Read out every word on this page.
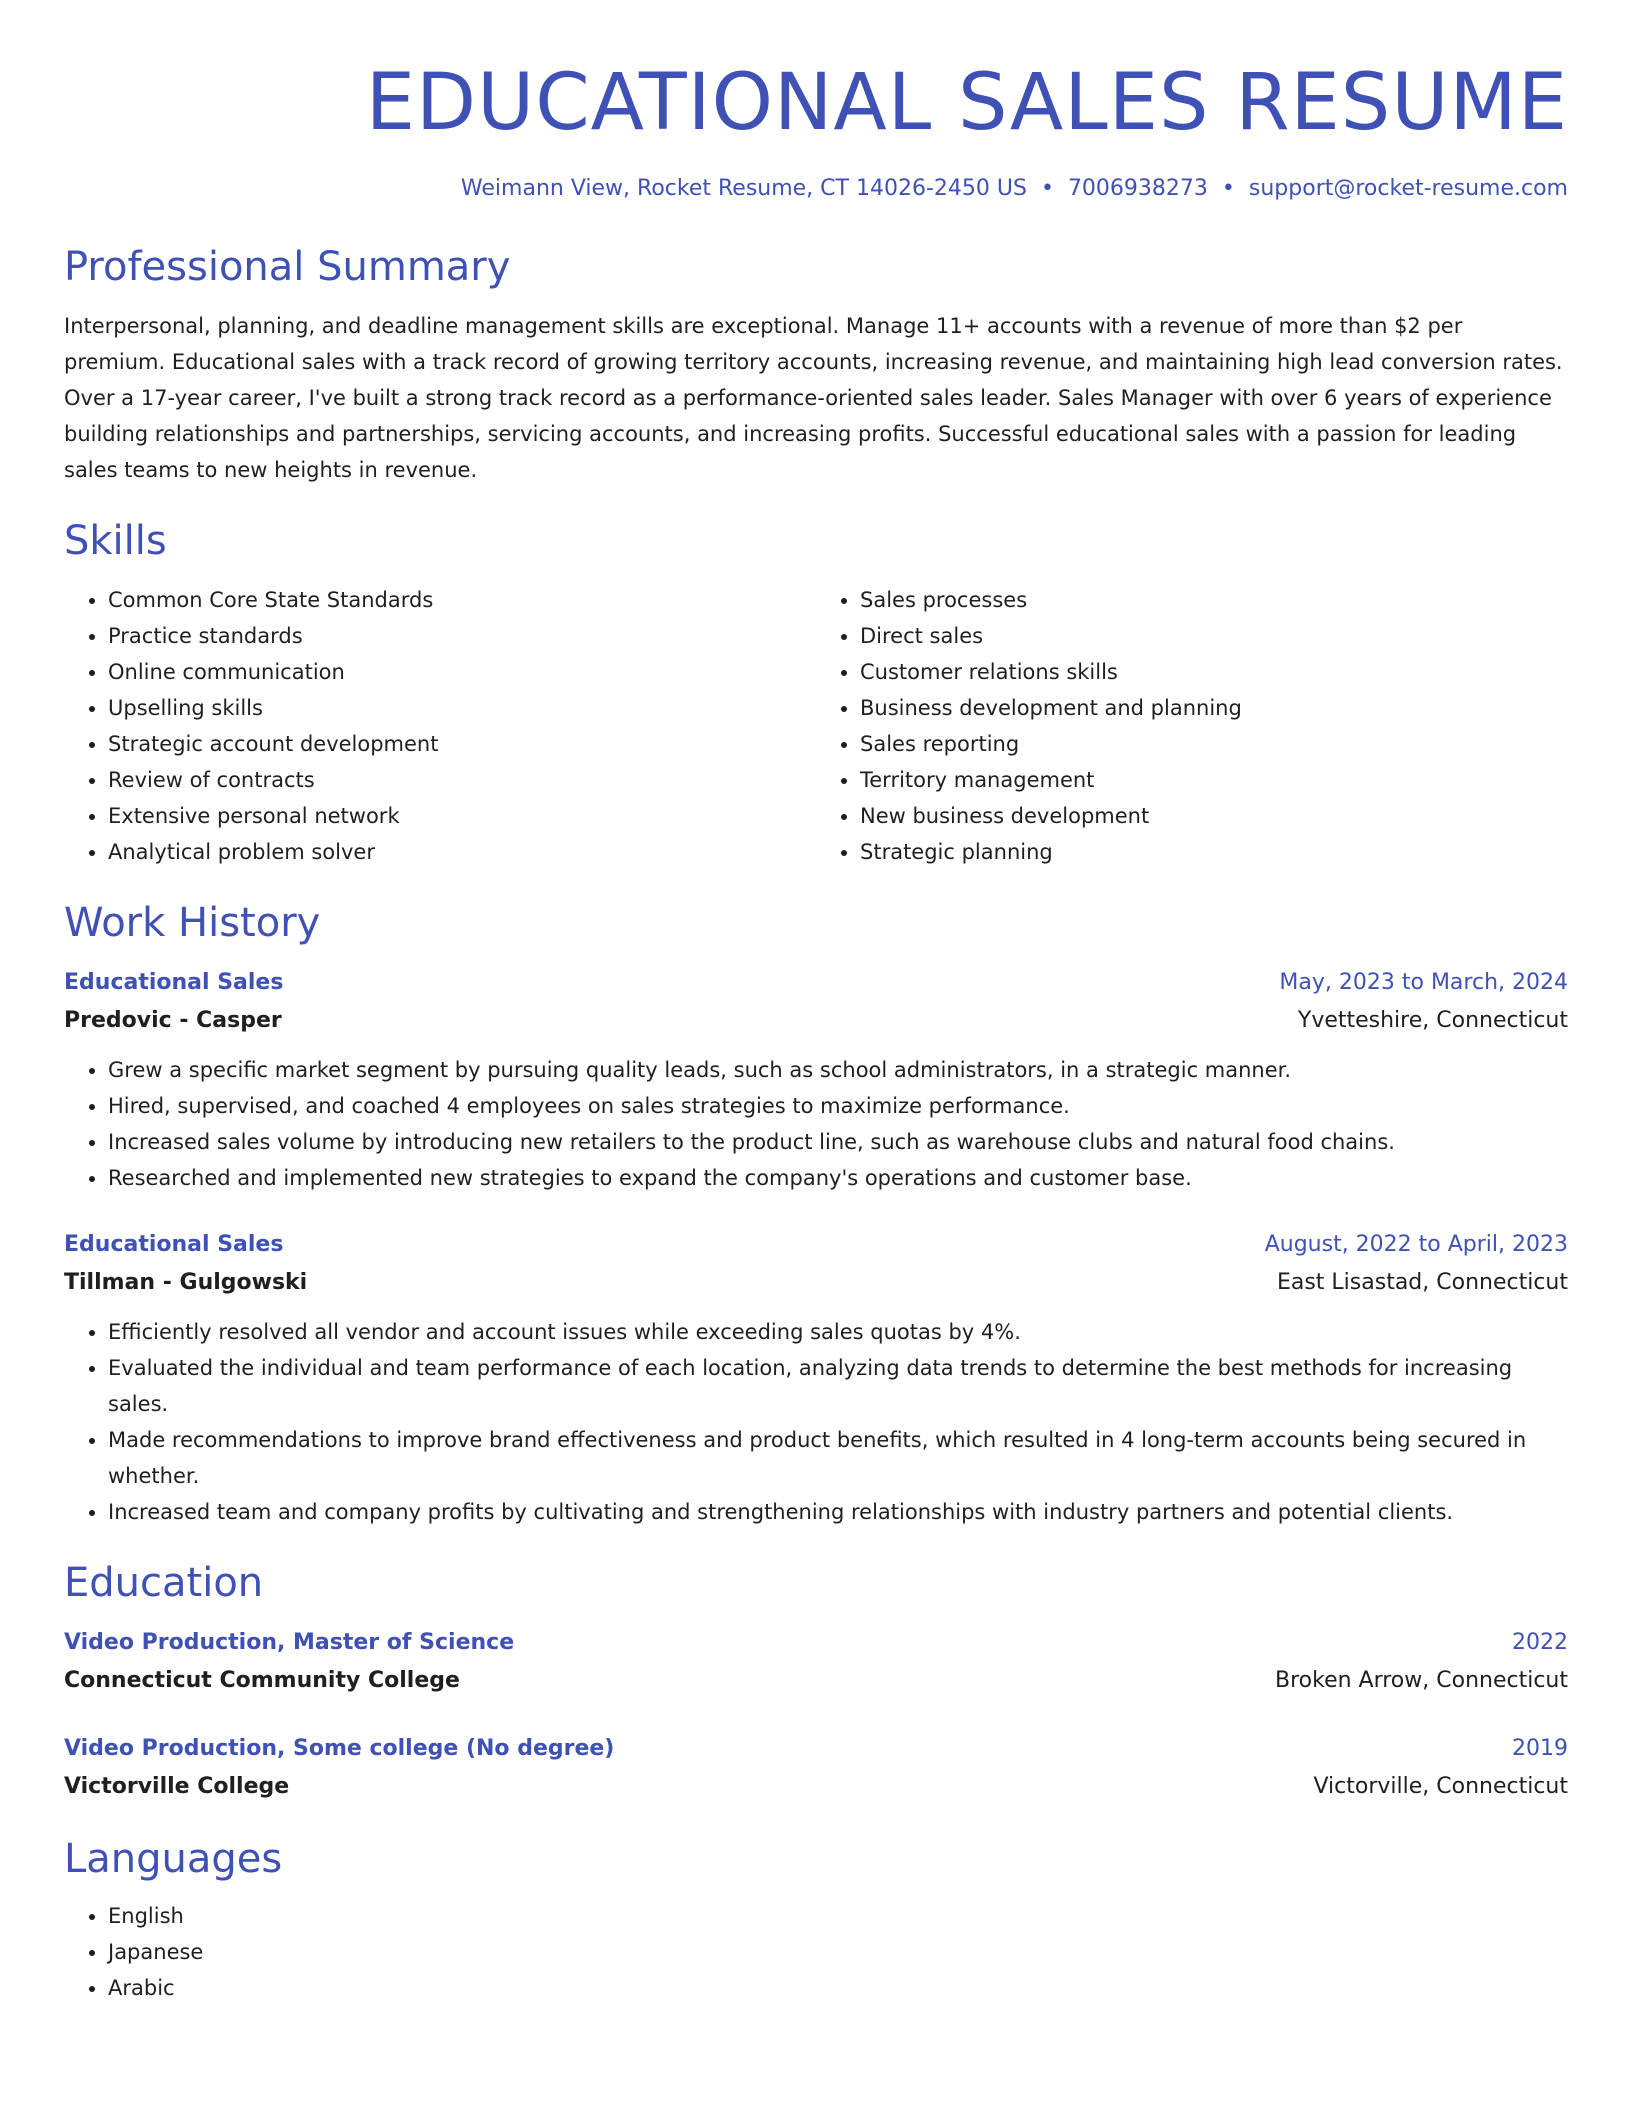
EDUCATIONAL SALES RESUME
Weimann View, Rocket Resume, CT 14026-2450 US • 7006938273 • support@rocket-resume.com
Professional Summary

Interpersonal, planning, and deadline management skills are exceptional. Manage 11+ accounts with a revenue of more than $2 per premium. Educational sales with a track record of growing territory accounts, increasing revenue, and maintaining high lead conversion rates. Over a 17-year career, I've built a strong track record as a performance-oriented sales leader. Sales Manager with over 6 years of experience building relationships and partnerships, servicing accounts, and increasing profits. Successful educational sales with a passion for leading sales teams to new heights in revenue.

Skills
• Common Core State Standards
• Practice standards
• Online communication
• Upselling skills
• Strategic account development
• Review of contracts
• Extensive personal network
• Analytical problem solver
• Sales processes
• Direct sales
• Customer relations skills
• Business development and planning
• Sales reporting
• Territory management
• New business development
• Strategic planning
Work History
Educational Sales	May, 2023 to March, 2024
Predovic - Casper	Yvetteshire, Connecticut
• Grew a specific market segment by pursuing quality leads, such as school administrators, in a strategic manner.
• Hired, supervised, and coached 4 employees on sales strategies to maximize performance.
• Increased sales volume by introducing new retailers to the product line, such as warehouse clubs and natural food chains.
• Researched and implemented new strategies to expand the company's operations and customer base.
Educational Sales	August, 2022 to April, 2023
Tillman - Gulgowski	East Lisastad, Connecticut
• Efficiently resolved all vendor and account issues while exceeding sales quotas by 4%.
• Evaluated the individual and team performance of each location, analyzing data trends to determine the best methods for increasing sales.
• Made recommendations to improve brand effectiveness and product benefits, which resulted in 4 long-term accounts being secured in whether.
• Increased team and company profits by cultivating and strengthening relationships with industry partners and potential clients.
Education
Video Production, Master of Science	2022
Connecticut Community College	Broken Arrow, Connecticut
Video Production, Some college (No degree)	2019
Victorville College	Victorville, Connecticut
Languages
• English
• Japanese
• Arabic
